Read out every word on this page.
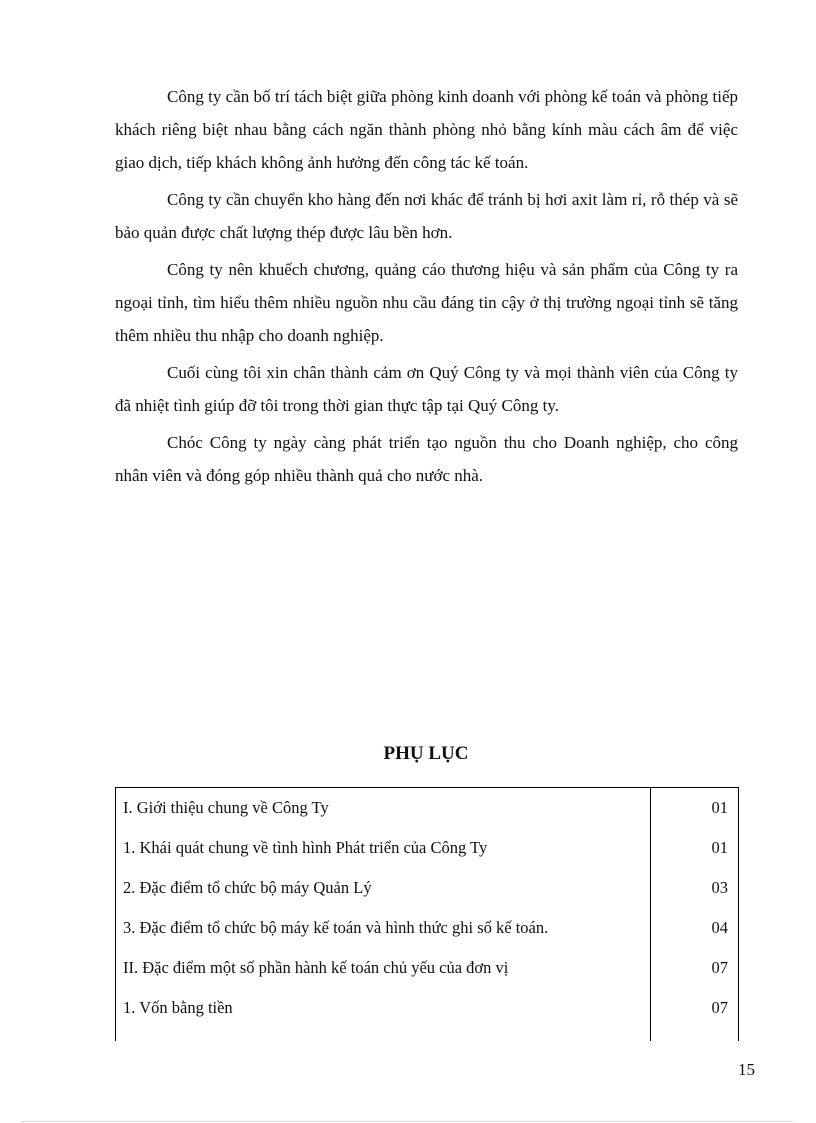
Công ty cần bố trí tách biệt giữa phòng kinh doanh với phòng kế toán và phòng tiếp khách riêng biệt nhau bằng cách ngăn thành phòng nhỏ bằng kính màu cách âm để việc giao dịch, tiếp khách không ảnh hưởng đến công tác kế toán.

Công ty cần chuyển kho hàng đến nơi khác để tránh bị hơi axit làm rỉ, rỗ thép và sẽ bảo quản được chất lượng thép được lâu bền hơn.

Công ty nên khuếch chương, quảng cáo thương hiệu và sản phẩm của Công ty ra ngoại tỉnh, tìm hiểu thêm nhiều nguồn nhu cầu đáng tin cậy ở thị trường ngoại tỉnh sẽ tăng thêm nhiều thu nhập cho doanh nghiệp.

Cuối cùng tôi xin chân thành cảm ơn Quý Công ty và mọi thành viên của Công ty đã nhiệt tình giúp đỡ tôi trong thời gian thực tập tại Quý Công ty.

Chóc Công ty ngày càng phát triển tạo nguồn thu cho Doanh nghiệp, cho công nhân viên và đóng góp nhiều thành quả cho nước nhà.

PHỤ LỤC
I. Giới thiệu chung về Công Ty	01
1. Khái quát chung về tình hình Phát triển của Công Ty	01
2. Đặc điểm tổ chức bộ máy Quản Lý	03
3. Đặc điểm tổ chức bộ máy kế toán và hình thức ghi sổ kế toán.	04
II. Đặc điểm một số phần hành kế toán chủ yếu của đơn vị	07
1. Vốn bằng tiền	07

15
